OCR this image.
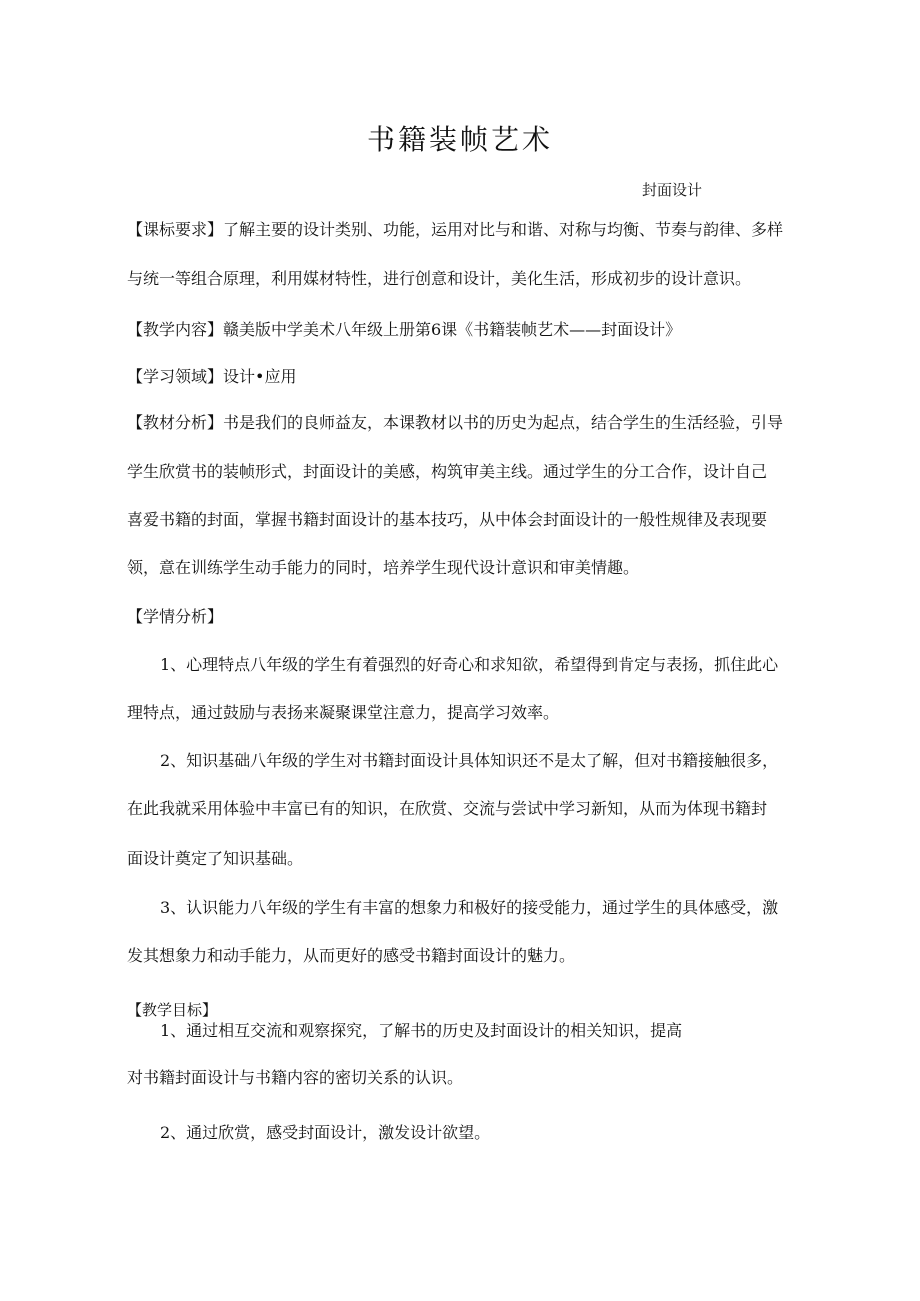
书籍装帧艺术
封面设计
【课标要求】了解主要的设计类别、功能，运用对比与和谐、对称与均衡、节奏与韵律、多样
与统一等组合原理，利用媒材特性，进行创意和设计，美化生活，形成初步的设计意识。
【教学内容】赣美版中学美术八年级上册第6课《书籍装帧艺术——封面设计》
【学习领域】设计•应用
【教材分析】书是我们的良师益友，本课教材以书的历史为起点，结合学生的生活经验，引导
学生欣赏书的装帧形式，封面设计的美感，构筑审美主线。通过学生的分工合作，设计自己
喜爱书籍的封面，掌握书籍封面设计的基本技巧，从中体会封面设计的一般性规律及表现要
领，意在训练学生动手能力的同时，培养学生现代设计意识和审美情趣。
【学情分析】
1、心理特点八年级的学生有着强烈的好奇心和求知欲，希望得到肯定与表扬，抓住此心
理特点，通过鼓励与表扬来凝聚课堂注意力，提高学习效率。
2、知识基础八年级的学生对书籍封面设计具体知识还不是太了解，但对书籍接触很多，
在此我就采用体验中丰富已有的知识，在欣赏、交流与尝试中学习新知，从而为体现书籍封
面设计奠定了知识基础。
3、认识能力八年级的学生有丰富的想象力和极好的接受能力，通过学生的具体感受，激
发其想象力和动手能力，从而更好的感受书籍封面设计的魅力。
【教学目标】
1、通过相互交流和观察探究，了解书的历史及封面设计的相关知识，提高
对书籍封面设计与书籍内容的密切关系的认识。
2、通过欣赏，感受封面设计，激发设计欲望。
